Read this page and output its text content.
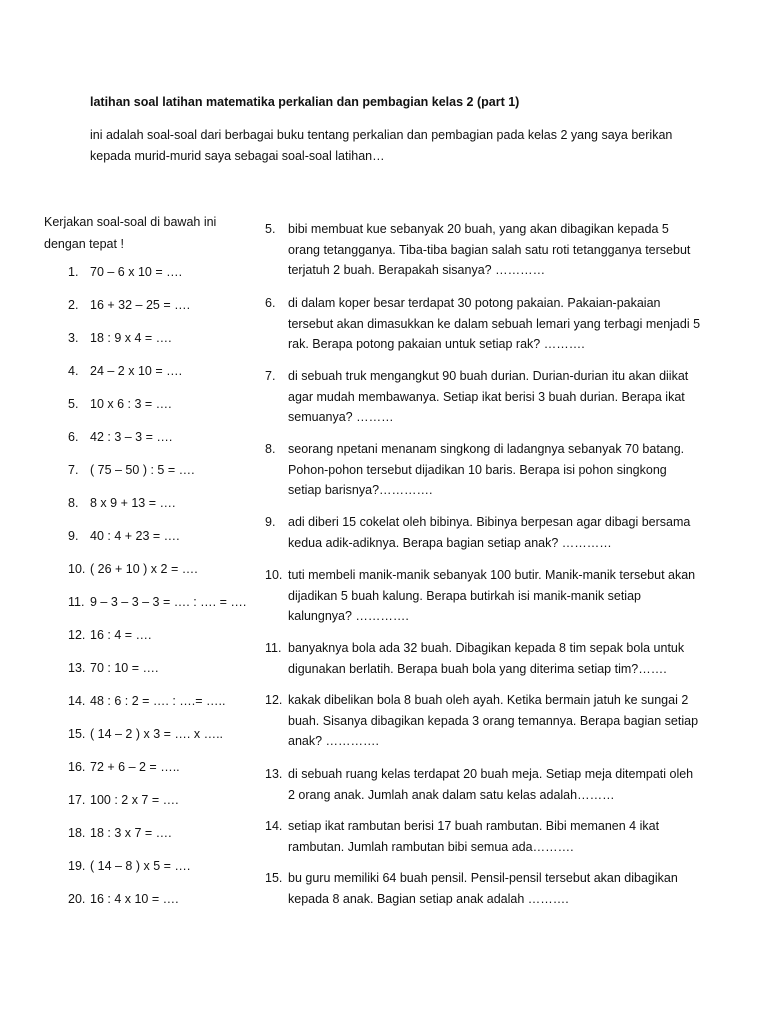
latihan soal latihan matematika perkalian dan pembagian kelas 2 (part 1)
ini adalah soal-soal dari berbagai buku tentang perkalian dan pembagian pada kelas 2 yang saya berikan kepada murid-murid saya sebagai soal-soal latihan…
Kerjakan soal-soal di bawah ini dengan tepat !
1. 70 – 6 x 10 = ….
2. 16 + 32 – 25 = ….
3. 18 : 9 x 4 = ….
4. 24 – 2 x 10 = ….
5. 10 x 6 : 3 = ….
6. 42 : 3 – 3 = ….
7. ( 75 – 50 ) : 5 = ….
8. 8 x 9 + 13 = ….
9. 40 : 4 + 23 = ….
10. ( 26 + 10 ) x 2 = ….
11. 9 – 3 – 3 – 3 = …. : …. = ….
12. 16 : 4 = ….
13. 70 : 10 = ….
14. 48 : 6 : 2 = …. : ….= …..
15. ( 14 – 2 ) x 3 = …. x …..
16. 72 + 6 – 2 = …..
17. 100 : 2 x 7 = ….
18. 18 : 3 x 7 = ….
19. ( 14 – 8 ) x 5 = ….
20. 16 : 4 x 10 = ….
5. bibi membuat kue sebanyak 20 buah, yang akan dibagikan kepada 5 orang tetangganya. Tiba-tiba bagian salah satu roti tetangganya tersebut terjatuh 2 buah. Berapakah sisanya? …………
6. di dalam koper besar terdapat 30 potong pakaian. Pakaian-pakaian tersebut akan dimasukkan ke dalam sebuah lemari yang terbagi menjadi 5 rak. Berapa potong pakaian untuk setiap rak? ……….
7. di sebuah truk mengangkut 90 buah durian. Durian-durian itu akan diikat agar mudah membawanya. Setiap ikat berisi 3 buah durian. Berapa ikat semuanya? ………
8. seorang npetani menanam singkong di ladangnya sebanyak 70 batang. Pohon-pohon tersebut dijadikan 10 baris. Berapa isi pohon singkong setiap barisnya?………….
9. adi diberi 15 cokelat oleh bibinya. Bibinya berpesan agar dibagi bersama kedua adik-adiknya. Berapa bagian setiap anak? …………
10. tuti membeli manik-manik sebanyak 100 butir. Manik-manik tersebut akan dijadikan 5 buah kalung. Berapa butirkah isi manik-manik setiap kalungnya? ………….
11. banyaknya bola ada 32 buah. Dibagikan kepada 8 tim sepak bola untuk digunakan berlatih. Berapa buah bola yang diterima setiap tim?…….
12. kakak dibelikan bola 8 buah oleh ayah. Ketika bermain jatuh ke sungai 2 buah. Sisanya dibagikan kepada 3 orang temannya. Berapa bagian setiap anak? ………….
13. di sebuah ruang kelas terdapat 20 buah meja. Setiap meja ditempati oleh 2 orang anak. Jumlah anak dalam satu kelas adalah………
14. setiap ikat rambutan berisi 17 buah rambutan. Bibi memanen 4 ikat rambutan. Jumlah rambutan bibi semua ada……….
15. bu guru memiliki 64 buah pensil. Pensil-pensil tersebut akan dibagikan kepada 8 anak. Bagian setiap anak adalah ……….
